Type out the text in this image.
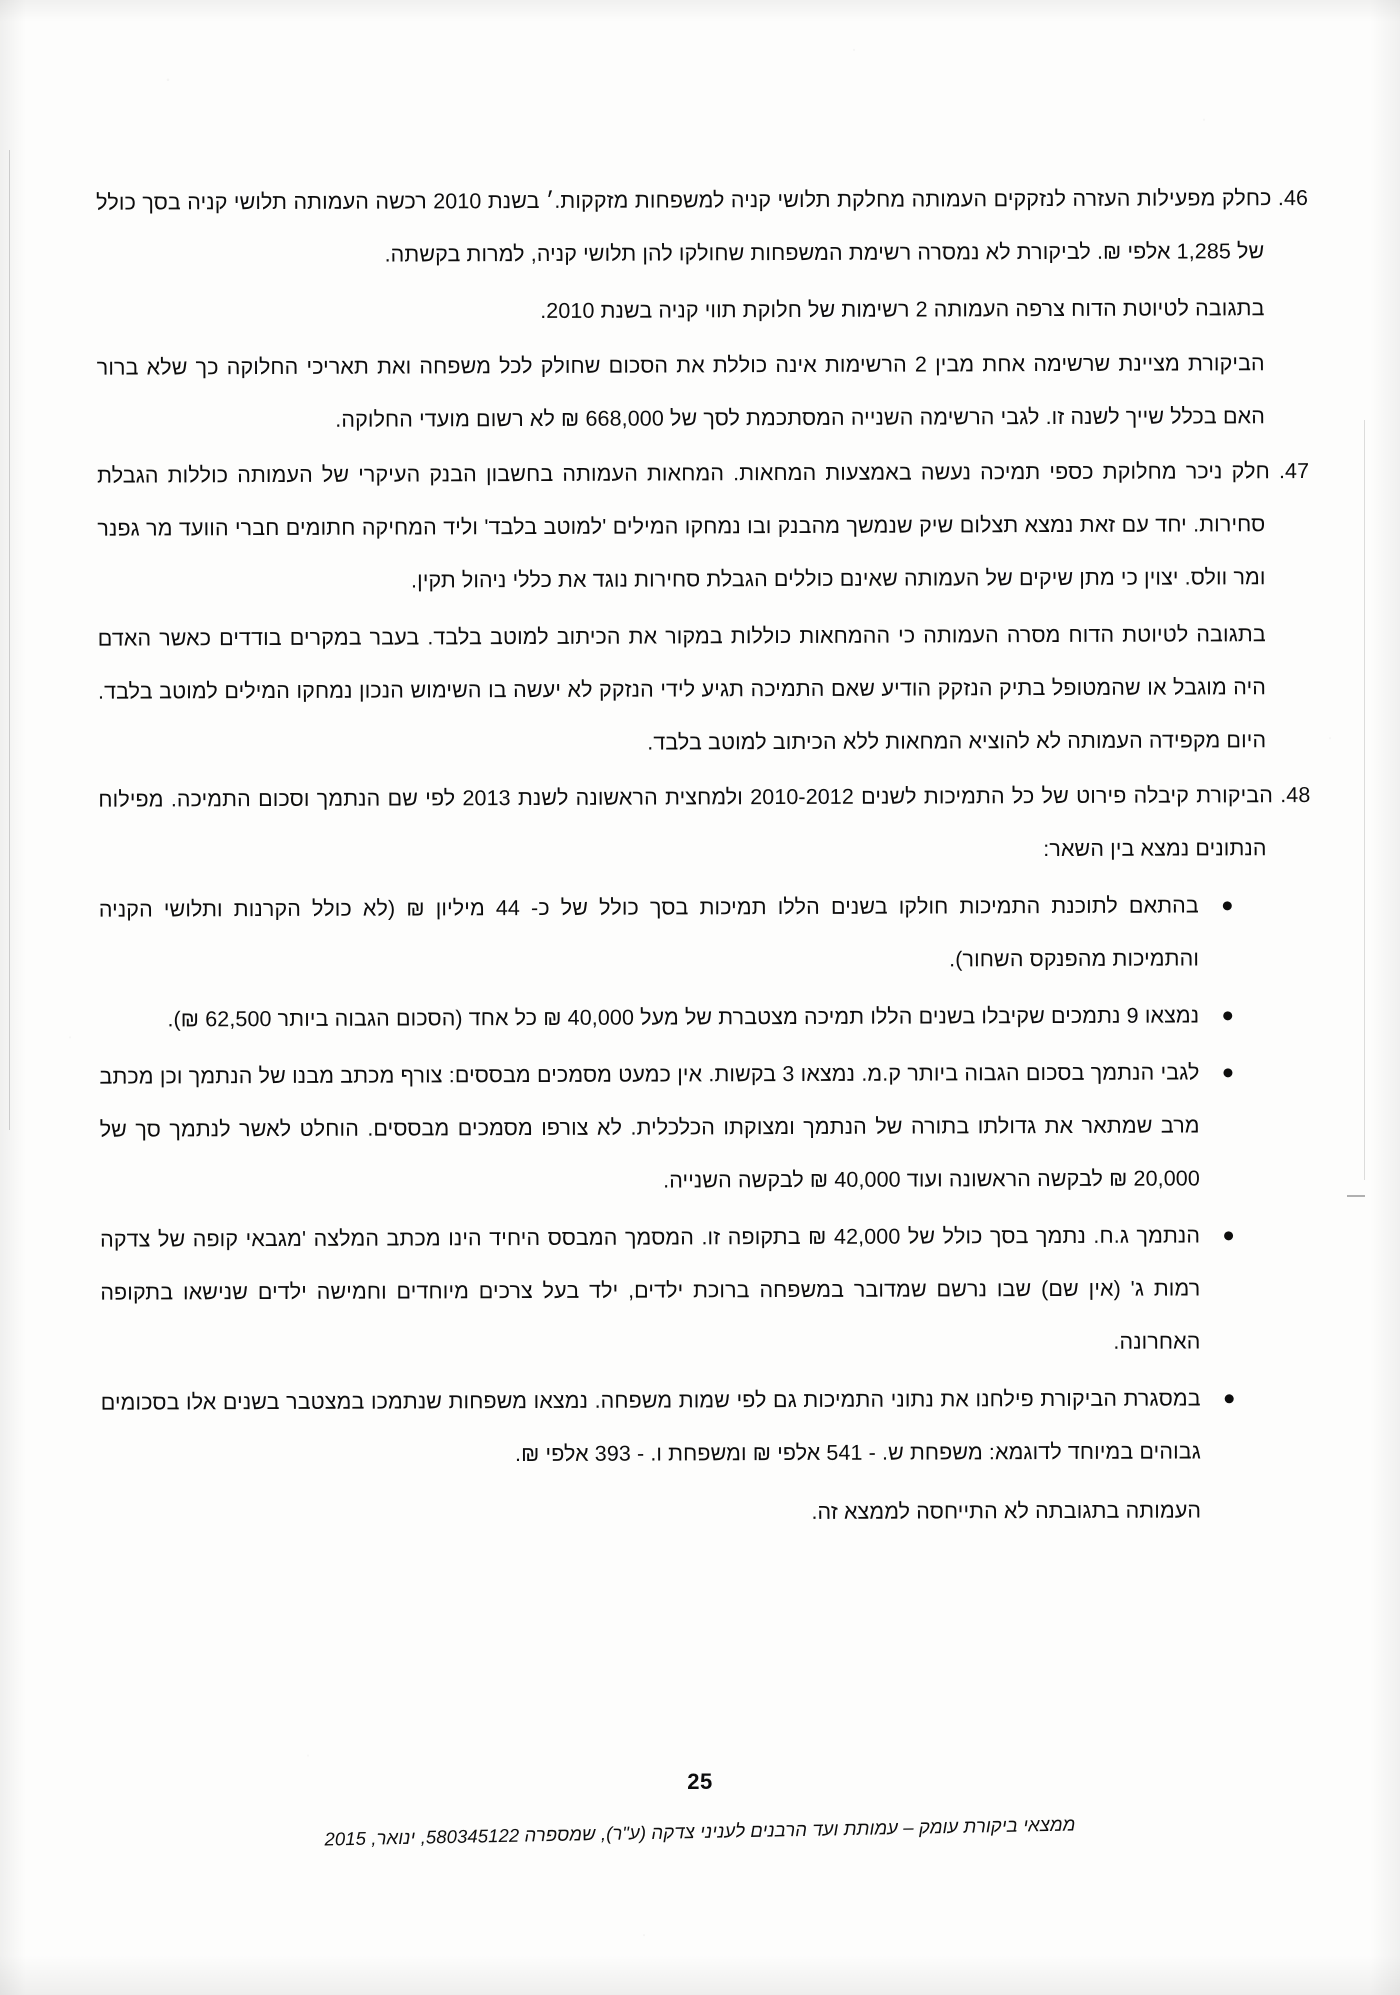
46. כחלק מפעילות העזרה לנזקקים העמותה מחלקת תלושי קניה למשפחות מזקקות.׳ בשנת 2010 רכשה העמותה תלושי קניה בסך כולל של 1,285 אלפי ₪. לביקורת לא נמסרה רשימת המשפחות שחולקו להן תלושי קניה, למרות בקשתה.

בתגובה לטיוטת הדוח צרפה העמותה 2 רשימות של חלוקת תווי קניה בשנת 2010.

הביקורת מציינת שרשימה אחת מבין 2 הרשימות אינה כוללת את הסכום שחולק לכל משפחה ואת תאריכי החלוקה כך שלא ברור האם בכלל שייך לשנה זו. לגבי הרשימה השנייה המסתכמת לסך של 668,000 ₪ לא רשום מועדי החלוקה.

47. חלק ניכר מחלוקת כספי תמיכה נעשה באמצעות המחאות. המחאות העמותה בחשבון הבנק העיקרי של העמותה כוללות הגבלת סחירות. יחד עם זאת נמצא תצלום שיק שנמשך מהבנק ובו נמחקו המילים 'למוטב בלבד' וליד המחיקה חתומים חברי הוועד מר גפנר ומר וולס. יצוין כי מתן שיקים של העמותה שאינם כוללים הגבלת סחירות נוגד את כללי ניהול תקין.

בתגובה לטיוטת הדוח מסרה העמותה כי ההמחאות כוללות במקור את הכיתוב למוטב בלבד. בעבר במקרים בודדים כאשר האדם היה מוגבל או שהמטופל בתיק הנזקק הודיע שאם התמיכה תגיע לידי הנזקק לא יעשה בו השימוש הנכון נמחקו המילים למוטב בלבד. היום מקפידה העמותה לא להוציא המחאות ללא הכיתוב למוטב בלבד.

48. הביקורת קיבלה פירוט של כל התמיכות לשנים 2010-2012 ולמחצית הראשונה לשנת 2013 לפי שם הנתמך וסכום התמיכה. מפילוח הנתונים נמצא בין השאר:
בהתאם לתוכנת התמיכות חולקו בשנים הללו תמיכות בסך כולל של כ- 44 מיליון ₪ (לא כולל הקרנות ותלושי הקניה והתמיכות מהפנקס השחור).
נמצאו 9 נתמכים שקיבלו בשנים הללו תמיכה מצטברת של מעל 40,000 ₪ כל אחד (הסכום הגבוה ביותר 62,500 ₪).
לגבי הנתמך בסכום הגבוה ביותר ק.מ. נמצאו 3 בקשות. אין כמעט מסמכים מבססים: צורף מכתב מבנו של הנתמך וכן מכתב מרב שמתאר את גדולתו בתורה של הנתמך ומצוקתו הכלכלית. לא צורפו מסמכים מבססים. הוחלט לאשר לנתמך סך של 20,000 ₪ לבקשה הראשונה ועוד 40,000 ₪ לבקשה השנייה.
הנתמך ג.ח. נתמך בסך כולל של 42,000 ₪ בתקופה זו. המסמך המבסס היחיד הינו מכתב המלצה 'מגבאי קופה של צדקה רמות ג' (אין שם) שבו נרשם שמדובר במשפחה ברוכת ילדים, ילד בעל צרכים מיוחדים וחמישה ילדים שנישאו בתקופה האחרונה.
במסגרת הביקורת פילחנו את נתוני התמיכות גם לפי שמות משפחה. נמצאו משפחות שנתמכו במצטבר בשנים אלו בסכומים גבוהים במיוחד לדוגמא: משפחת ש. - 541 אלפי ₪ ומשפחת ו. - 393 אלפי ₪.

העמותה בתגובתה לא התייחסה לממצא זה.

25
ממצאי ביקורת עומק – עמותת ועד הרבנים לעניני צדקה (ע"ר), שמספרה 580345122, ינואר, 2015
